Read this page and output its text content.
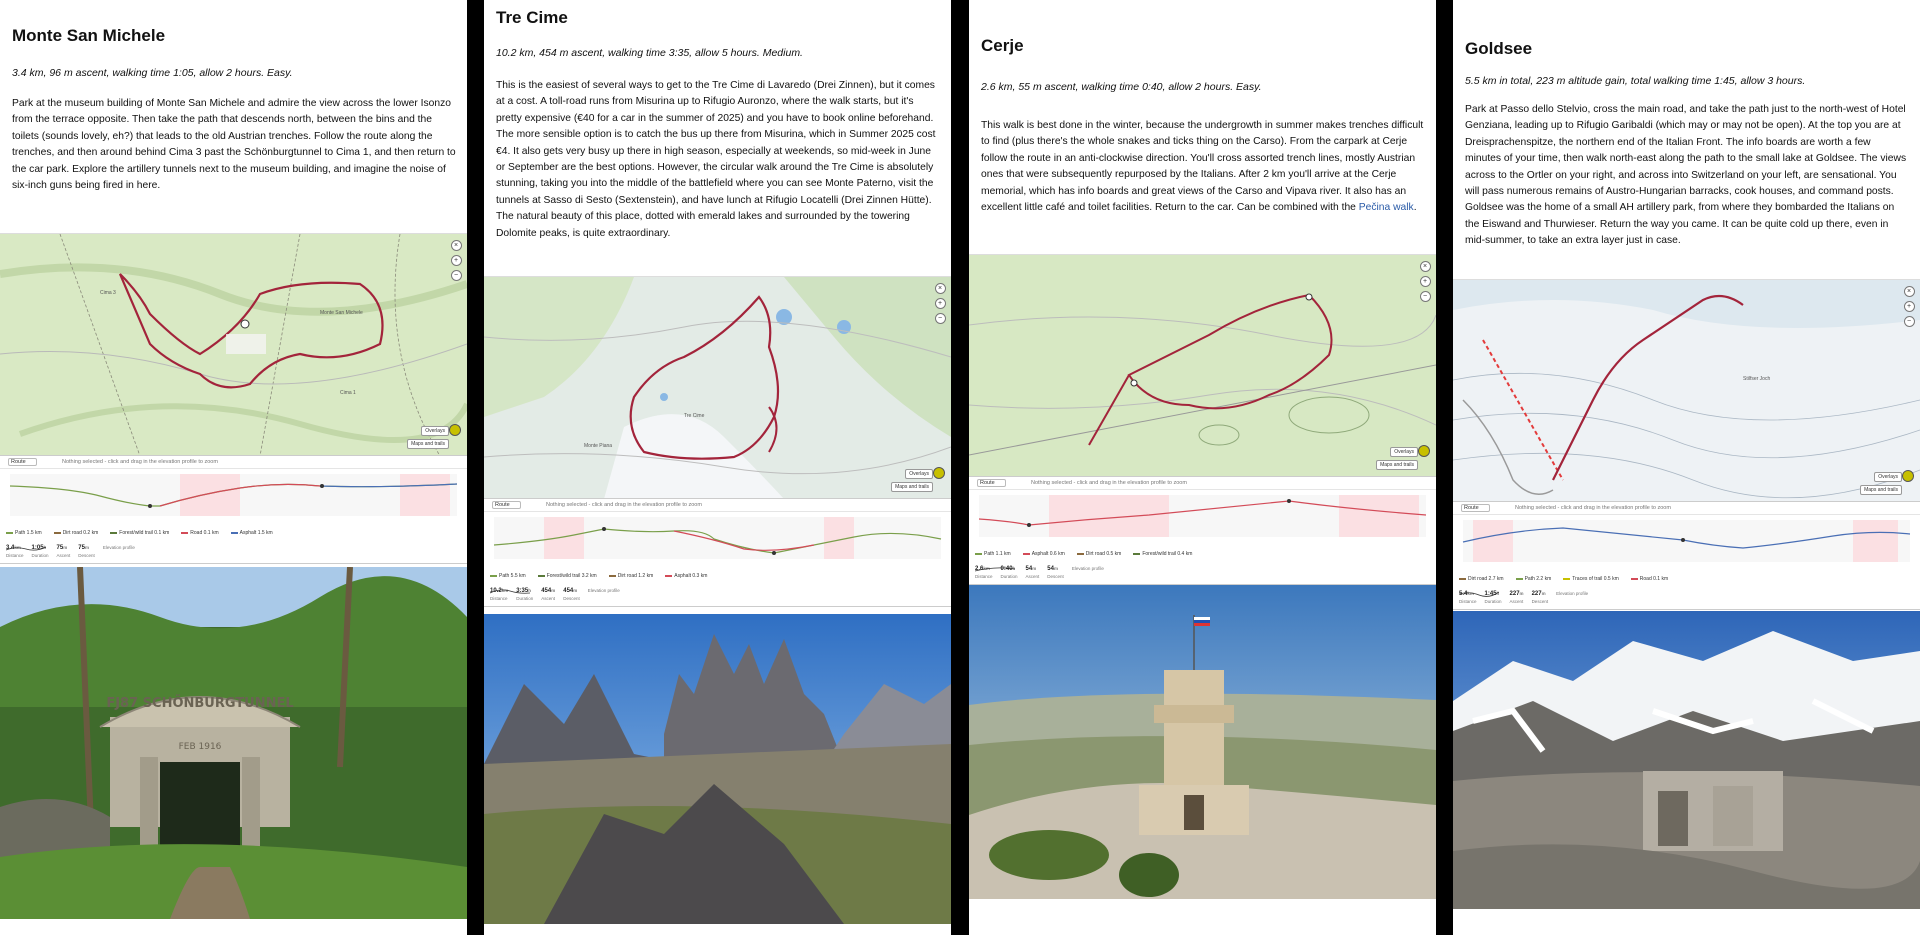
Monte San Michele

3.4 km, 96 m ascent, walking time 1:05, allow 2 hours. Easy.

Park at the museum building of Monte San Michele and admire the view across the lower Isonzo from the terrace opposite. Then take the path that descends north, between the bins and the toilets (sounds lovely, eh?) that leads to the old Austrian trenches. Follow the route along the trenches, and then around behind Cima 3 past the Schönburgtunnel to Cima 1, and then return to the car park. Explore the artillery tunnels next to the museum building, and imagine the noise of six-inch guns being fired in here.

Monte San Michele
Cima 3
Cima 1
×
+
−
Overlays
Maps and trails
Route	Nothing selected - click and drag in the elevation profile to zoom
Path 1.5 km	Dirt road 0.2 km	Forest/wild trail 0.1 km	Road 0.1 km	Asphalt 1.5 km
3.4km
Distance
1:05h
Duration
75m
Ascent
75m
Descent
Elevation profile
FJ87 SCHÖNBURGTUNNEL
FEB 1916
Tre Cime

10.2 km, 454 m ascent, walking time 3:35, allow 5 hours. Medium.

This is the easiest of several ways to get to the Tre Cime di Lavaredo (Drei Zinnen), but it comes at a cost. A toll-road runs from Misurina up to Rifugio Auronzo, where the walk starts, but it's pretty expensive (€40 for a car in the summer of 2025) and you have to book online beforehand. The more sensible option is to catch the bus up there from Misurina, which in Summer 2025 cost €4. It also gets very busy up there in high season, especially at weekends, so mid-week in June or September are the best options. However, the circular walk around the Tre Cime is absolutely stunning, taking you into the middle of the battlefield where you can see Monte Paterno, visit the tunnels at Sasso di Sesto (Sextenstein), and have lunch at Rifugio Locatelli (Drei Zinnen Hütte). The natural beauty of this place, dotted with emerald lakes and surrounded by the towering Dolomite peaks, is quite extraordinary.

Tre Cime
Monte Piana
×
+
−
Overlays
Maps and trails
Route	Nothing selected - click and drag in the elevation profile to zoom
Path 5.5 km	Forest/wild trail 3.2 km	Dirt road 1.2 km	Asphalt 0.3 km
10.2km
Distance
3:35h
Duration
454m
Ascent
454m
Descent
Elevation profile
Cerje

2.6 km, 55 m ascent, walking time 0:40, allow 2 hours. Easy.

This walk is best done in the winter, because the undergrowth in summer makes trenches difficult to find (plus there's the whole snakes and ticks thing on the Carso). From the carpark at Cerje follow the route in an anti-clockwise direction. You'll cross assorted trench lines, mostly Austrian ones that were subsequently repurposed by the Italians. After 2 km you'll arrive at the Cerje memorial, which has info boards and great views of the Carso and Vipava river. It also has an excellent little café and toilet facilities. Return to the car. Can be combined with the Pečina walk.

×
+
−
Overlays
Maps and trails
Route	Nothing selected - click and drag in the elevation profile to zoom
Path 1.1 km	Asphalt 0.6 km	Dirt road 0.5 km	Forest/wild trail 0.4 km
2.6km
Distance
0:40h
Duration
54m
Ascent
54m
Descent
Elevation profile
Goldsee

5.5 km in total, 223 m altitude gain, total walking time 1:45, allow 3 hours.

Park at Passo dello Stelvio, cross the main road, and take the path just to the north-west of Hotel Genziana, leading up to Rifugio Garibaldi (which may or may not be open). At the top you are at Dreisprachenspitze, the northern end of the Italian Front. The info boards are worth a few minutes of your time, then walk north-east along the path to the small lake at Goldsee. The views across to the Ortler on your right, and across into Switzerland on your left, are sensational. You will pass numerous remains of Austro-Hungarian barracks, cook houses, and command posts. Goldsee was the home of a small AH artillery park, from where they bombarded the Italians on the Eiswand and Thurwieser. Return the way you came. It can be quite cold up there, even in mid-summer, to take an extra layer just in case.

Stilfser Joch
×
+
−
Overlays
Maps and trails
Route	Nothing selected - click and drag in the elevation profile to zoom
Dirt road 2.7 km	Path 2.2 km	Traces of trail 0.5 km	Road 0.1 km
5.4km
Distance
1:45h
Duration
227m
Ascent
227m
Descent
Elevation profile
